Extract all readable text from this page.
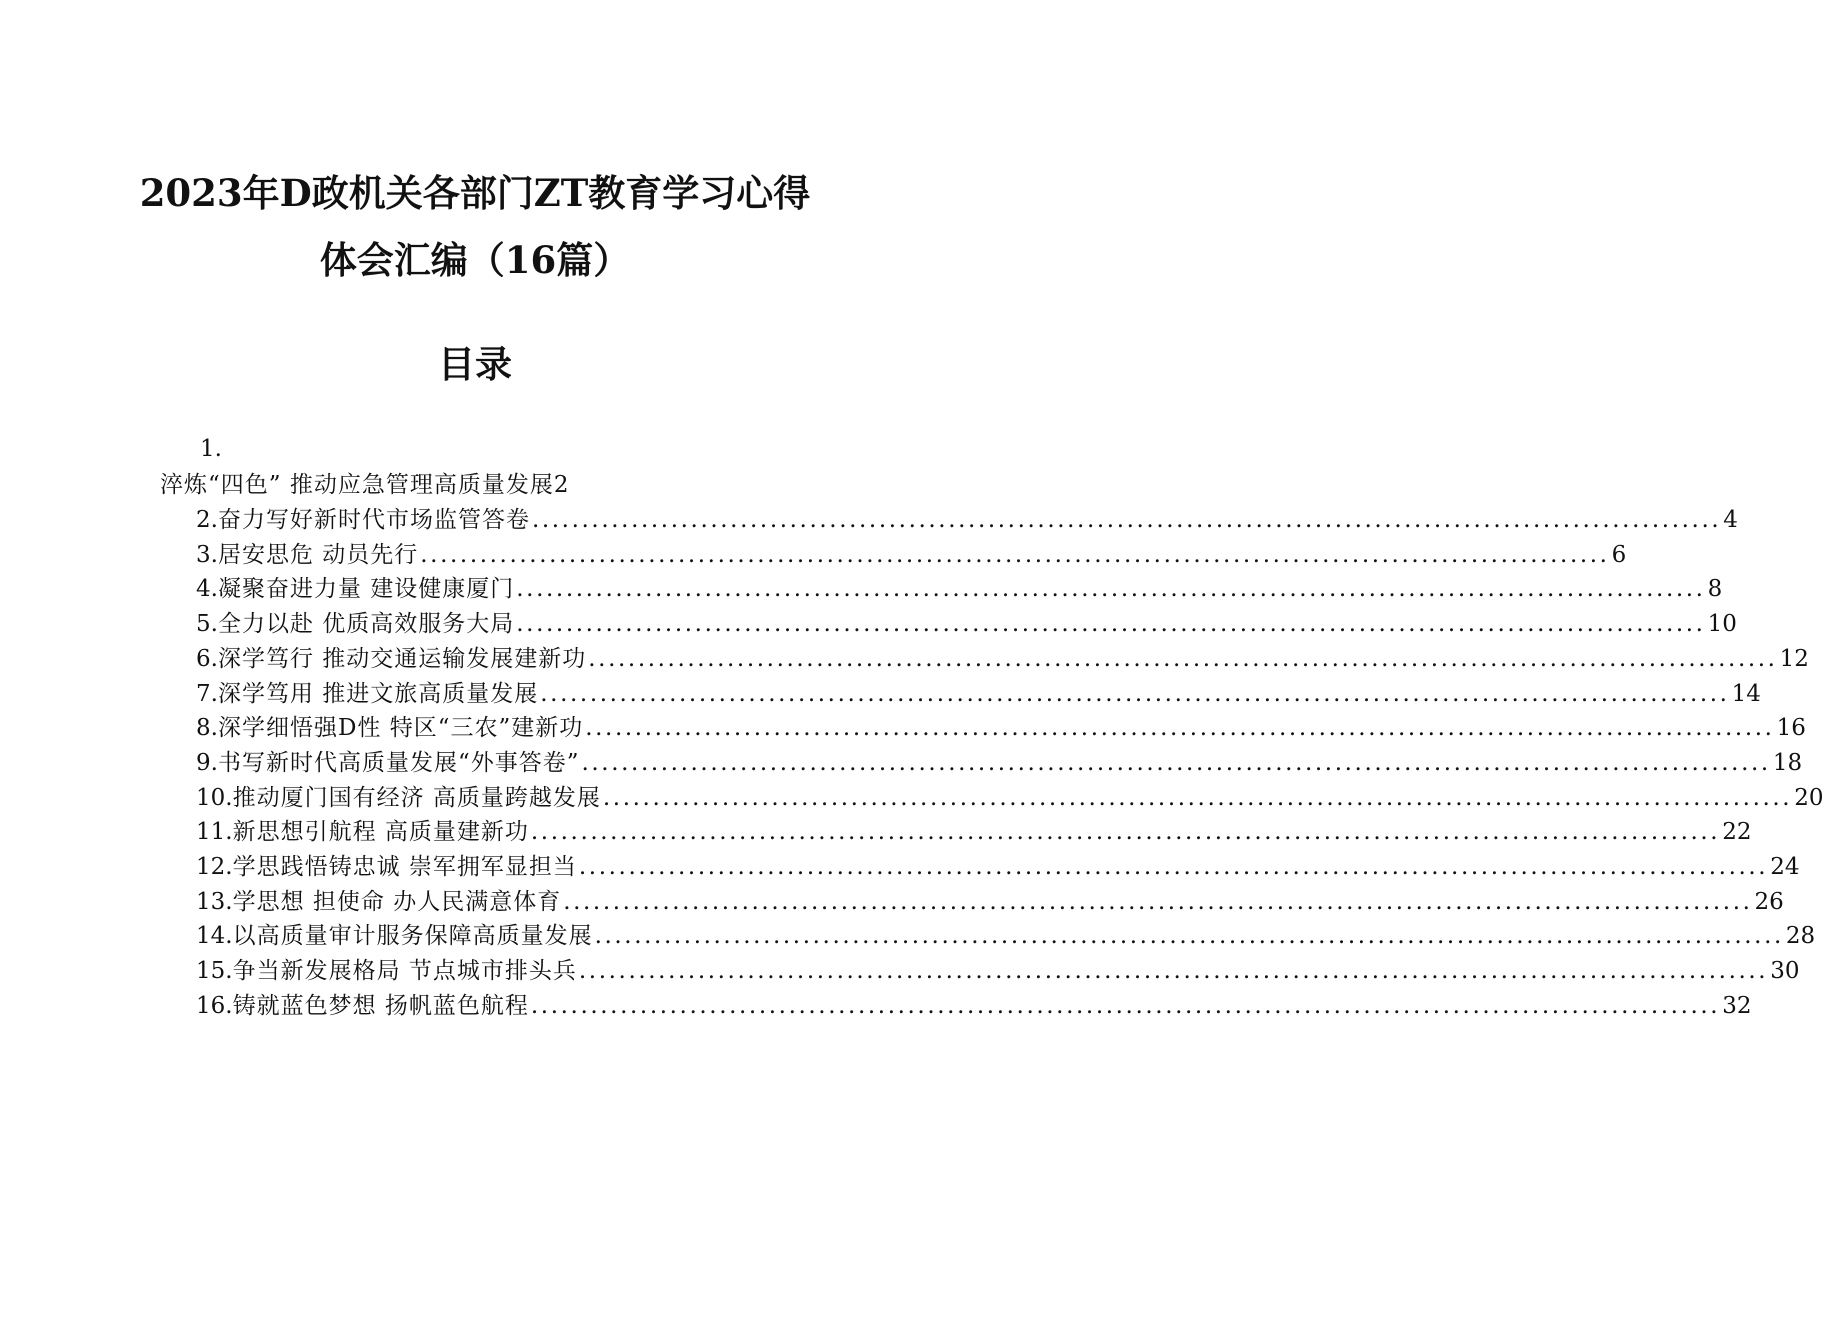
2023年D政机关各部门ZT教育学习心得
体会汇编（16篇）
目录
1.
淬炼“四色” 推动应急管理高质量发展2
2. 奋力写好新时代市场监管答卷 ........................................................................................................................ 4
3. 居安思危 动员先行 ........................................................................................................................ 6
4. 凝聚奋进力量 建设健康厦门 ........................................................................................................................ 8
5. 全力以赴 优质高效服务大局 ........................................................................................................................ 10
6. 深学笃行 推动交通运输发展建新功 ........................................................................................................................ 12
7. 深学笃用 推进文旅高质量发展 ........................................................................................................................ 14
8. 深学细悟强D性 特区“三农”建新功 ........................................................................................................................ 16
9. 书写新时代高质量发展“外事答卷” ........................................................................................................................ 18
10. 推动厦门国有经济 高质量跨越发展 ........................................................................................................................ 20
11. 新思想引航程 高质量建新功 ........................................................................................................................ 22
12. 学思践悟铸忠诚 崇军拥军显担当 ........................................................................................................................ 24
13. 学思想 担使命 办人民满意体育 ........................................................................................................................ 26
14. 以高质量审计服务保障高质量发展 ........................................................................................................................ 28
15. 争当新发展格局 节点城市排头兵 ........................................................................................................................ 30
16. 铸就蓝色梦想 扬帆蓝色航程 ........................................................................................................................ 32
